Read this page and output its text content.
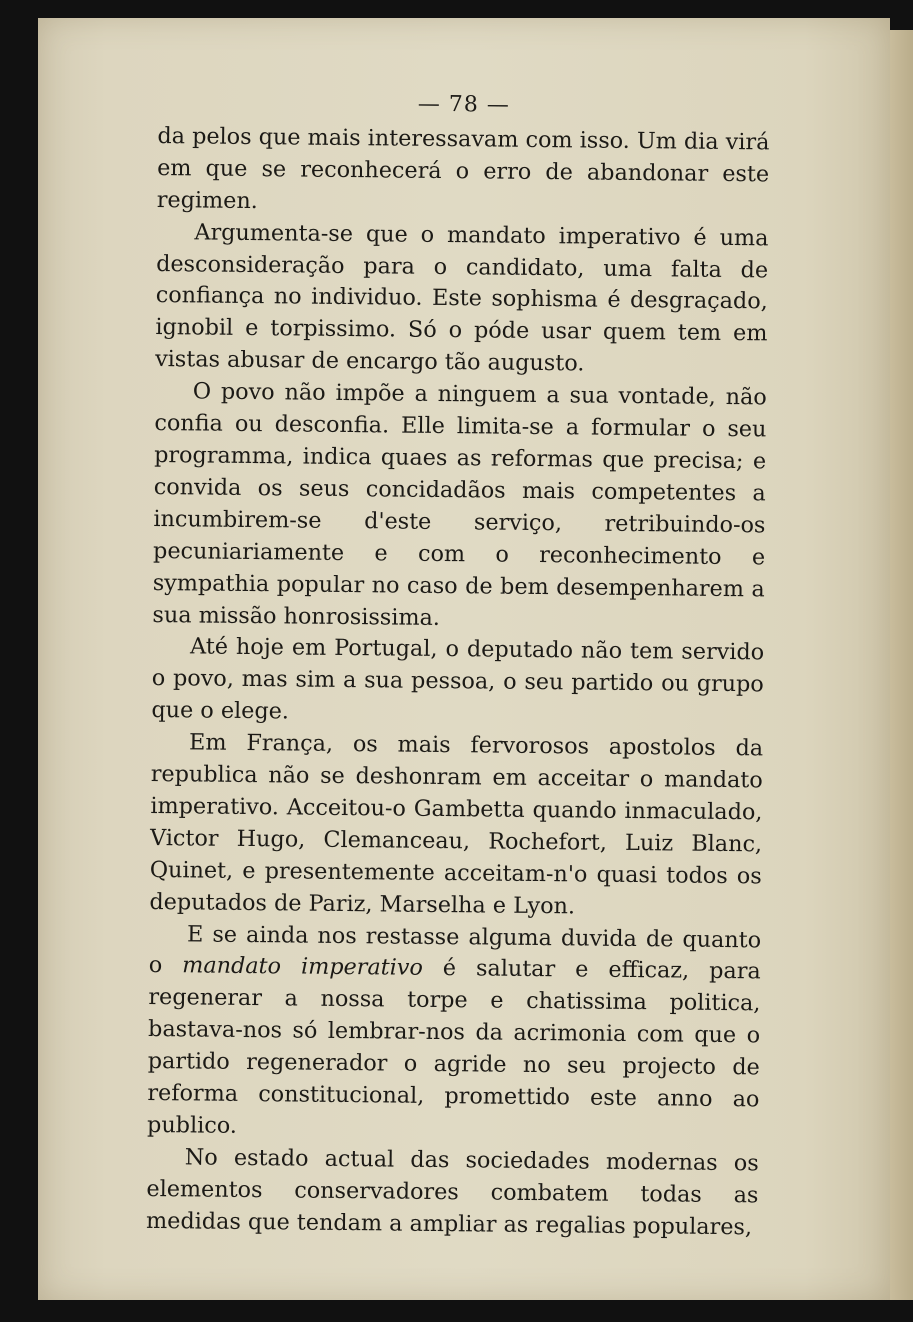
— 78 —

da pelos que mais interessavam com isso. Um dia virá em que se reconhecerá o erro de abandonar este regimen.

Argumenta-se que o mandato imperativo é uma desconsideração para o candidato, uma falta de confiança no individuo. Este sophisma é desgraçado, ignobil e torpissimo. Só o póde usar quem tem em vistas abusar de encargo tão augusto.

O povo não impõe a ninguem a sua vontade, não confia ou desconfia. Elle limita-se a formular o seu programma, indica quaes as reformas que precisa; e convida os seus concidadãos mais competentes a incumbirem-se d'este serviço, retribuindo-os pecuniariamente e com o reconhecimento e sympathia popular no caso de bem desempenharem a sua missão honrosissima.

Até hoje em Portugal, o deputado não tem servido o povo, mas sim a sua pessoa, o seu partido ou grupo que o elege.

Em França, os mais fervorosos apostolos da republica não se deshonram em acceitar o mandato imperativo. Acceitou-o Gambetta quando inmaculado, Victor Hugo, Clemanceau, Rochefort, Luiz Blanc, Quinet, e presentemente acceitam-n'o quasi todos os deputados de Pariz, Marselha e Lyon.

E se ainda nos restasse alguma duvida de quanto o mandato imperativo é salutar e efficaz, para regenerar a nossa torpe e chatissima politica, bastava-nos só lembrar-nos da acrimonia com que o partido regenerador o agride no seu projecto de reforma constitucional, promettido este anno ao publico.

No estado actual das sociedades modernas os elementos conservadores combatem todas as medidas que tendam a ampliar as regalias populares,
